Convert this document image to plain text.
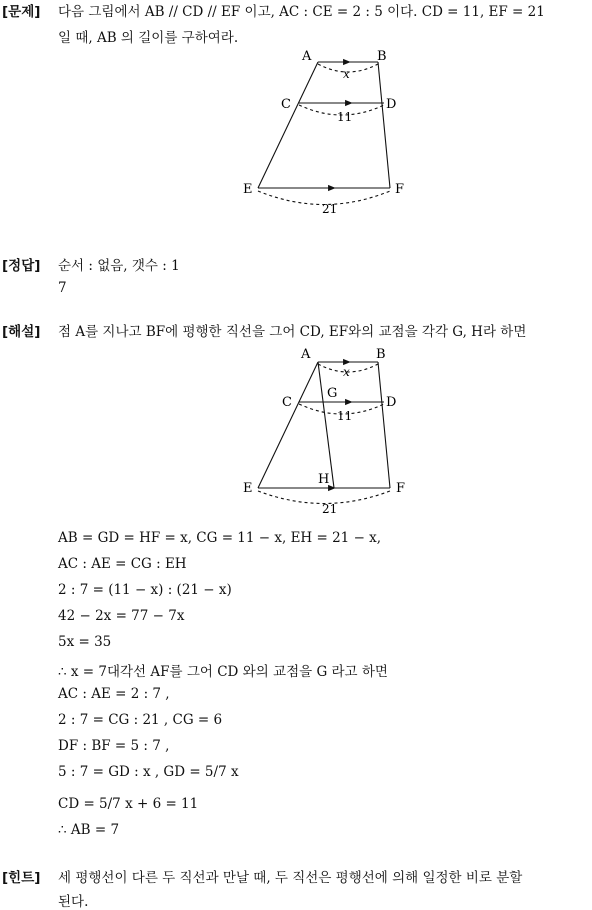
[문제] 다음 그림에서 AB // CD // EF 이고, AC : CE = 2 : 5 이다. CD = 11, EF = 21
일 때, AB 의 길이를 구하여라.
A	B
C	D
E	F
x
11
21
[정답] 순서 : 없음, 갯수 : 1
7
[해설] 점 A를 지나고 BF에 평행한 직선을 그어 CD, EF와의 교점을 각각 G, H라 하면
A	B
C	D
G
H
E	F
x
11
21
AB = GD = HF = x, CG = 11 − x, EH = 21 − x,
AC : AE = CG : EH
2 : 7 = (11 − x) : (21 − x)
42 − 2x = 77 − 7x
5x = 35
∴ x = 7대각선 AF를 그어 CD 와의 교점을 G 라고 하면
AC : AE = 2 : 7 ,
2 : 7 = CG : 21 , CG = 6
DF : BF = 5 : 7 ,
5 : 7 = GD : x , GD = 5/7 x
CD = 5/7 x + 6 = 11
∴ AB = 7
[힌트] 세 평행선이 다른 두 직선과 만날 때, 두 직선은 평행선에 의해 일정한 비로 분할
된다.
